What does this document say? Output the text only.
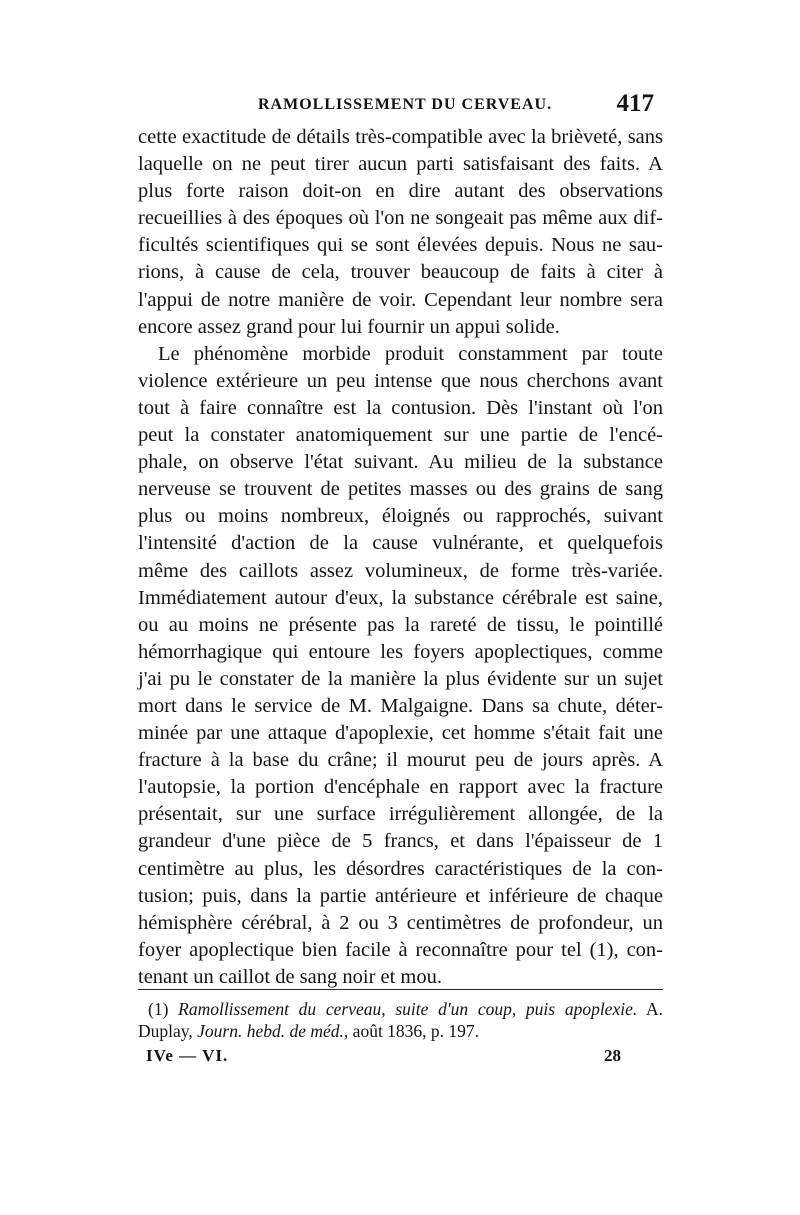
RAMOLLISSEMENT DU CERVEAU.	417
cette exactitude de détails très-compatible avec la brièveté, sans
laquelle on ne peut tirer aucun parti satisfaisant des faits. A
plus forte raison doit-on en dire autant des observations
recueillies à des époques où l'on ne songeait pas même aux dif-
ficultés scientifiques qui se sont élevées depuis. Nous ne sau-
rions, à cause de cela, trouver beaucoup de faits à citer à
l'appui de notre manière de voir. Cependant leur nombre sera
encore assez grand pour lui fournir un appui solide.
Le phénomène morbide produit constamment par toute
violence extérieure un peu intense que nous cherchons avant
tout à faire connaître est la contusion. Dès l'instant où l'on
peut la constater anatomiquement sur une partie de l'encé-
phale, on observe l'état suivant. Au milieu de la substance
nerveuse se trouvent de petites masses ou des grains de sang
plus ou moins nombreux, éloignés ou rapprochés, suivant
l'intensité d'action de la cause vulnérante, et quelquefois
même des caillots assez volumineux, de forme très-variée.
Immédiatement autour d'eux, la substance cérébrale est saine,
ou au moins ne présente pas la rareté de tissu, le pointillé
hémorrhagique qui entoure les foyers apoplectiques, comme
j'ai pu le constater de la manière la plus évidente sur un sujet
mort dans le service de M. Malgaigne. Dans sa chute, déter-
minée par une attaque d'apoplexie, cet homme s'était fait une
fracture à la base du crâne; il mourut peu de jours après. A
l'autopsie, la portion d'encéphale en rapport avec la fracture
présentait, sur une surface irrégulièrement allongée, de la
grandeur d'une pièce de 5 francs, et dans l'épaisseur de 1
centimètre au plus, les désordres caractéristiques de la con-
tusion; puis, dans la partie antérieure et inférieure de chaque
hémisphère cérébral, à 2 ou 3 centimètres de profondeur, un
foyer apoplectique bien facile à reconnaître pour tel (1), con-
tenant un caillot de sang noir et mou.
(1) Ramollissement du cerveau, suite d'un coup, puis apoplexie. A.
Duplay, Journ. hebd. de méd., août 1836, p. 197.
IVe — VI.	28
